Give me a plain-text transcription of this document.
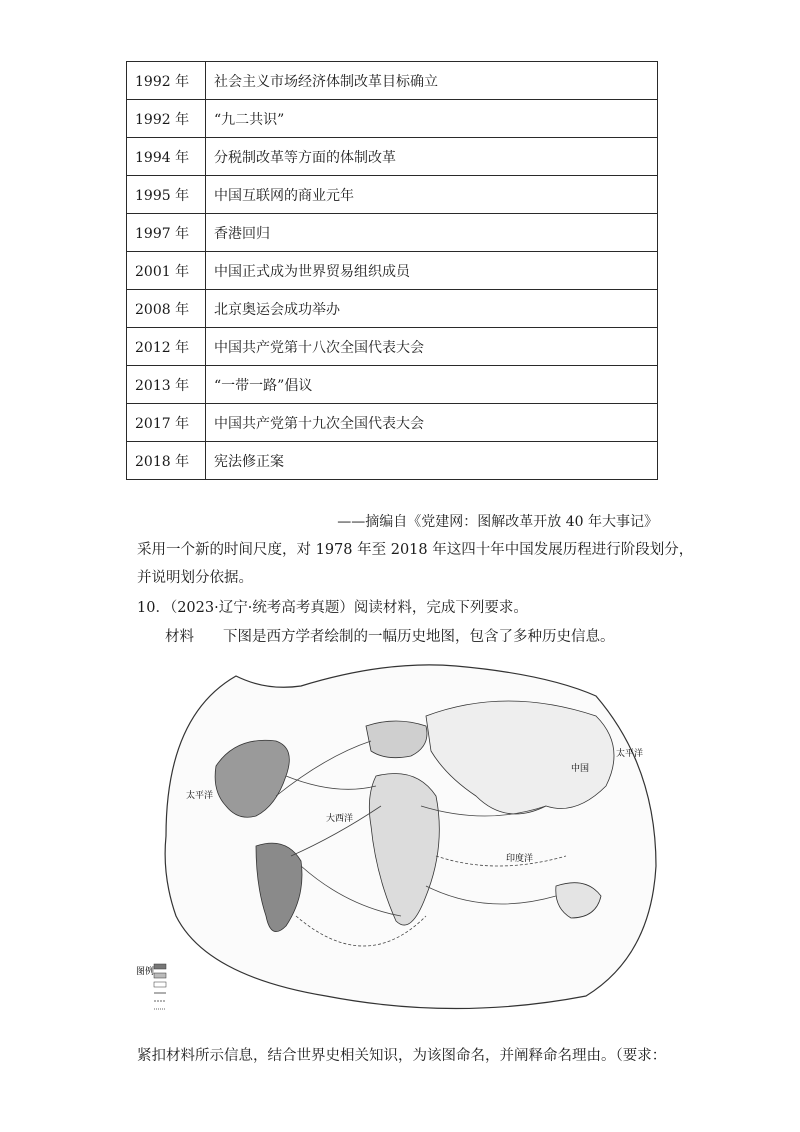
1992 年	社会主义市场经济体制改革目标确立
1992 年	“九二共识”
1994 年	分税制改革等方面的体制改革
1995 年	中国互联网的商业元年
1997 年	香港回归
2001 年	中国正式成为世界贸易组织成员
2008 年	北京奥运会成功举办
2012 年	中国共产党第十八次全国代表大会
2013 年	“一带一路”倡议
2017 年	中国共产党第十九次全国代表大会
2018 年	宪法修正案
——摘编自《党建网：图解改革开放 40 年大事记》
采用一个新的时间尺度，对 1978 年至 2018 年这四十年中国发展历程进行阶段划分，
并说明划分依据。
10．（2023·辽宁·统考高考真题）阅读材料，完成下列要求。
材料　　下图是西方学者绘制的一幅历史地图，包含了多种历史信息。
太平洋
太平洋
大西洋
印度洋
中国
图例
紧扣材料所示信息，结合世界史相关知识，为该图命名，并阐释命名理由。（要求：
